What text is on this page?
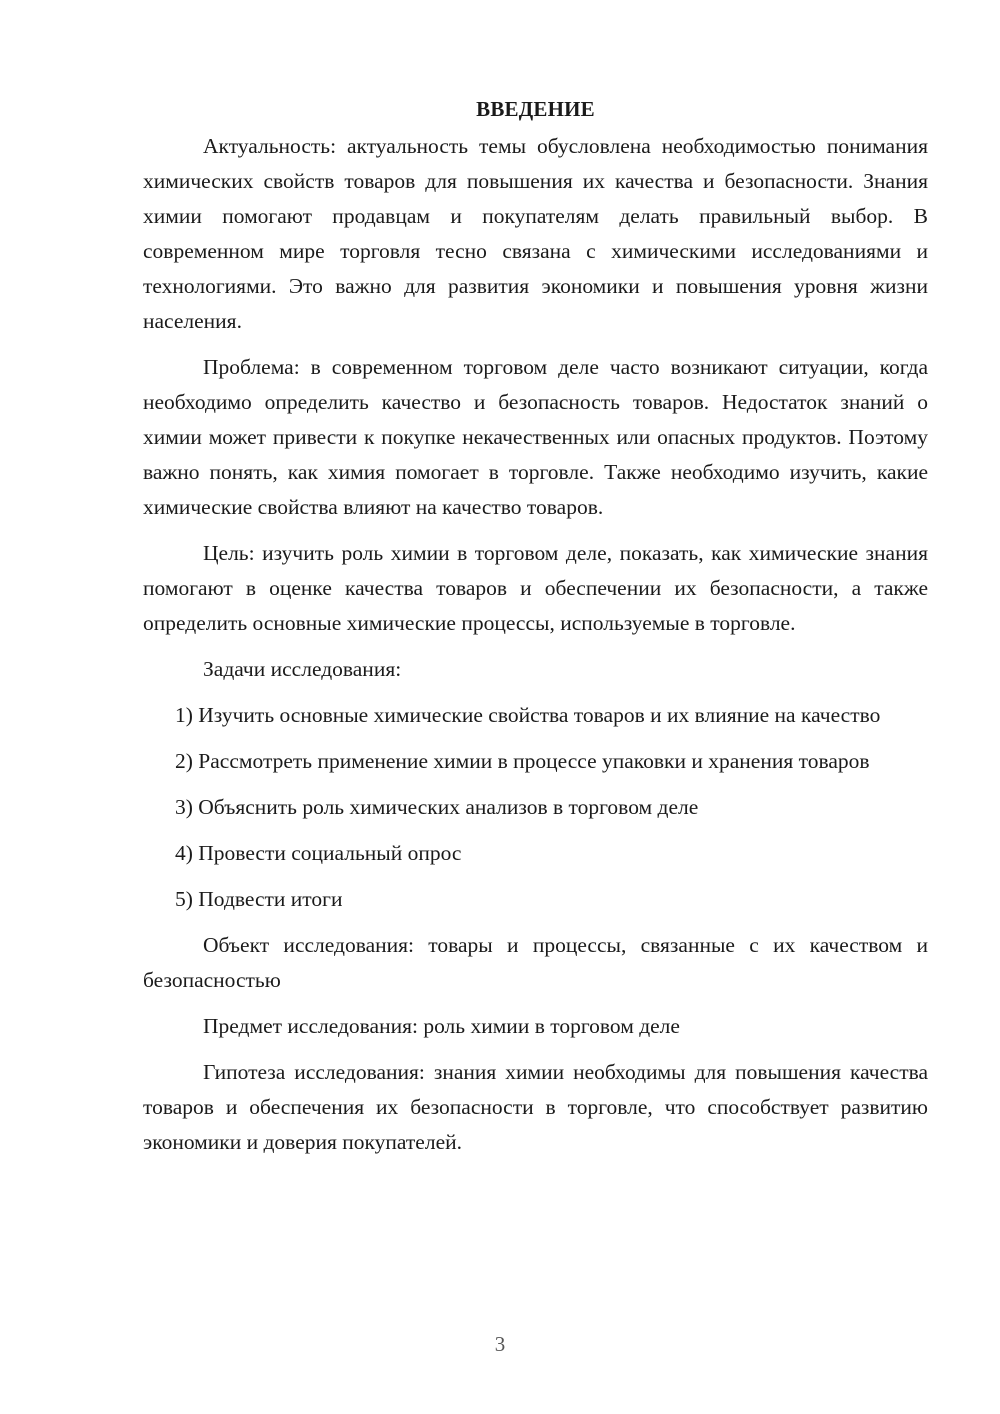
ВВЕДЕНИЕ

Актуальность: актуальность темы обусловлена необходимостью понимания химических свойств товаров для повышения их качества и безопасности. Знания химии помогают продавцам и покупателям делать правильный выбор. В современном мире торговля тесно связана с химическими исследованиями и технологиями. Это важно для развития экономики и повышения уровня жизни населения.

Проблема: в современном торговом деле часто возникают ситуации, когда необходимо определить качество и безопасность товаров. Недостаток знаний о химии может привести к покупке некачественных или опасных продуктов. Поэтому важно понять, как химия помогает в торговле. Также необходимо изучить, какие химические свойства влияют на качество товаров.

Цель: изучить роль химии в торговом деле, показать, как химические знания помогают в оценке качества товаров и обеспечении их безопасности, а также определить основные химические процессы, используемые в торговле.

Задачи исследования:

1) Изучить основные химические свойства товаров и их влияние на качество

2) Рассмотреть применение химии в процессе упаковки и хранения товаров

3) Объяснить роль химических анализов в торговом деле

4) Провести социальный опрос

5) Подвести итоги

Объект исследования: товары и процессы, связанные с их качеством и безопасностью

Предмет исследования: роль химии в торговом деле

Гипотеза исследования: знания химии необходимы для повышения качества товаров и обеспечения их безопасности в торговле, что способствует развитию экономики и доверия покупателей.

3
